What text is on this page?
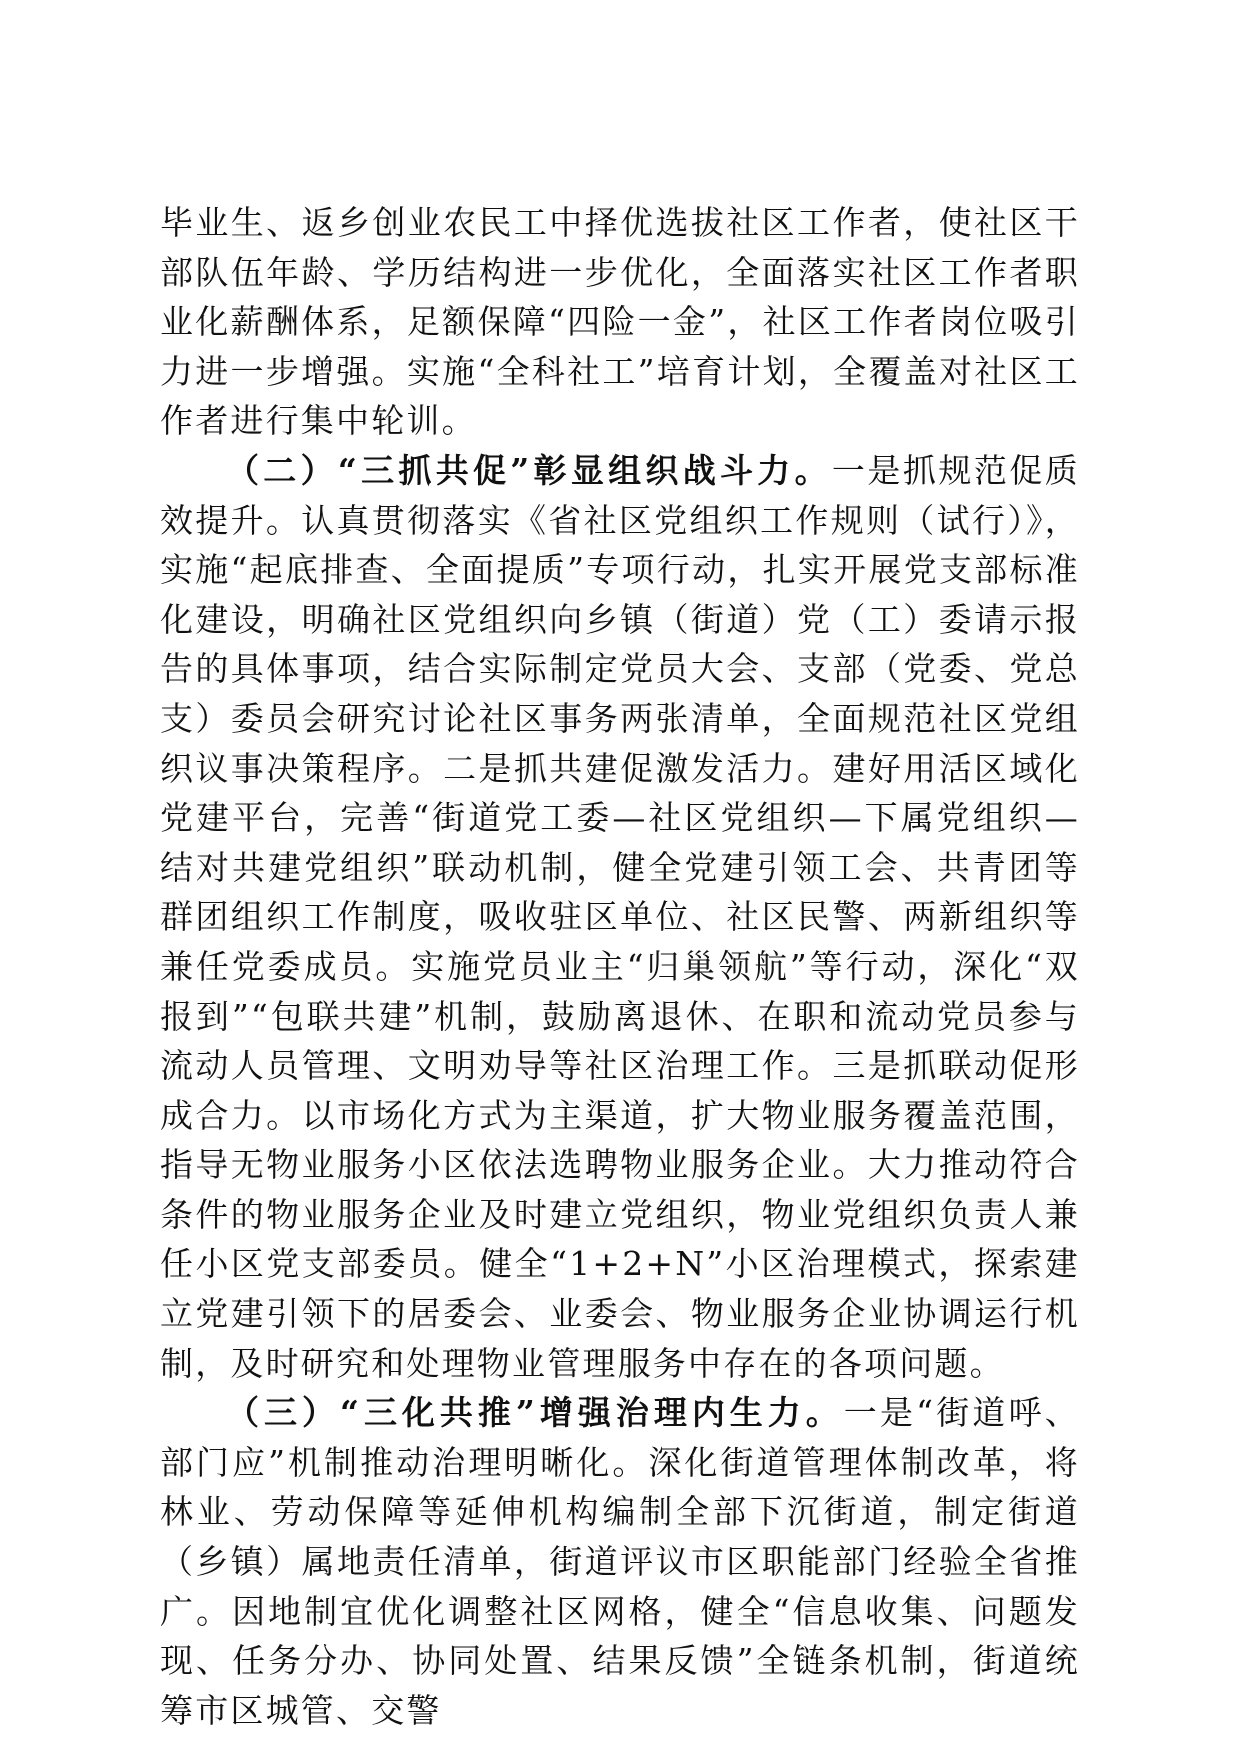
毕业生、返乡创业农民工中择优选拔社区工作者，使社区干部队伍年龄、学历结构进一步优化，全面落实社区工作者职业化薪酬体系，足额保障“四险一金”，社区工作者岗位吸引力进一步增强。实施“全科社工”培育计划，全覆盖对社区工作者进行集中轮训。

（二）“三抓共促”彰显组织战斗力。一是抓规范促质效提升。认真贯彻落实《省社区党组织工作规则（试行）》，实施“起底排查、全面提质”专项行动，扎实开展党支部标准化建设，明确社区党组织向乡镇（街道）党（工）委请示报告的具体事项，结合实际制定党员大会、支部（党委、党总支）委员会研究讨论社区事务两张清单，全面规范社区党组织议事决策程序。二是抓共建促激发活力。建好用活区域化党建平台，完善“街道党工委—社区党组织—下属党组织—结对共建党组织”联动机制，健全党建引领工会、共青团等群团组织工作制度，吸收驻区单位、社区民警、两新组织等兼任党委成员。实施党员业主“归巢领航”等行动，深化“双报到”“包联共建”机制，鼓励离退休、在职和流动党员参与流动人员管理、文明劝导等社区治理工作。三是抓联动促形成合力。以市场化方式为主渠道，扩大物业服务覆盖范围，指导无物业服务小区依法选聘物业服务企业。大力推动符合条件的物业服务企业及时建立党组织，物业党组织负责人兼任小区党支部委员。健全“1+2+N”小区治理模式，探索建立党建引领下的居委会、业委会、物业服务企业协调运行机制，及时研究和处理物业管理服务中存在的各项问题。

（三）“三化共推”增强治理内生力。一是“街道呼、部门应”机制推动治理明晰化。深化街道管理体制改革，将林业、劳动保障等延伸机构编制全部下沉街道，制定街道（乡镇）属地责任清单，街道评议市区职能部门经验全省推广。因地制宜优化调整社区网格，健全“信息收集、问题发现、任务分办、协同处置、结果反馈”全链条机制，街道统筹市区城管、交警
